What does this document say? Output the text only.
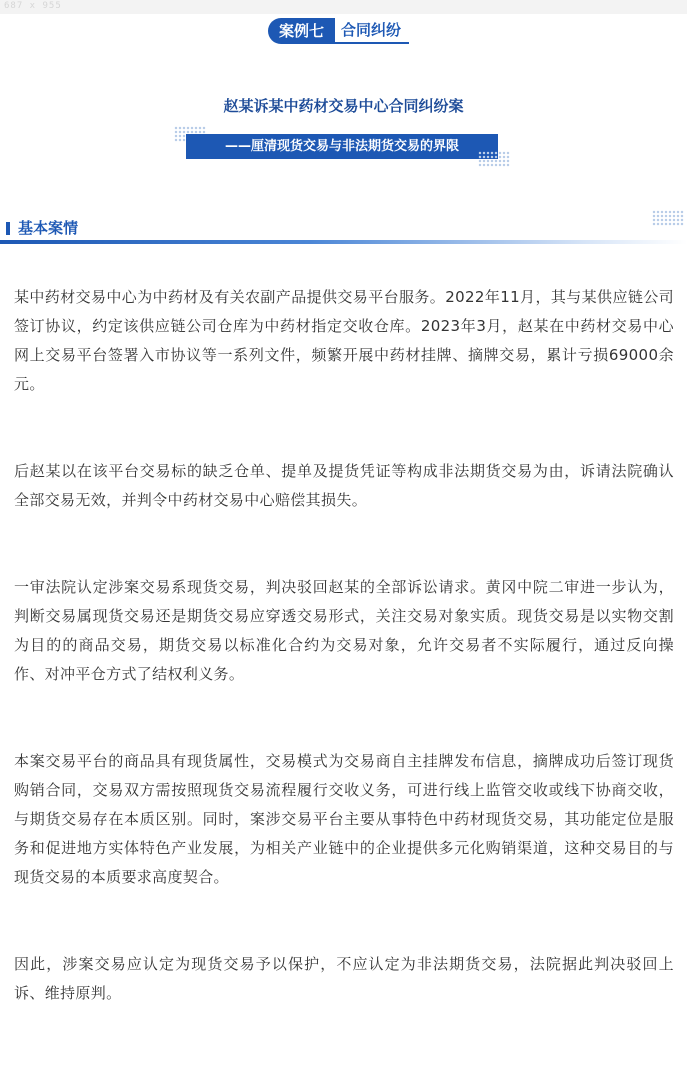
687 x 955
案例七	合同纠纷
赵某诉某中药材交易中心合同纠纷案
——厘清现货交易与非法期货交易的界限
基本案情

某中药材交易中心为中药材及有关农副产品提供交易平台服务。2022年11月，其与某供应链公司签订协议，约定该供应链公司仓库为中药材指定交收仓库。2023年3月，赵某在中药材交易中心网上交易平台签署入市协议等一系列文件，频繁开展中药材挂牌、摘牌交易，累计亏损69000余元。

后赵某以在该平台交易标的缺乏仓单、提单及提货凭证等构成非法期货交易为由，诉请法院确认全部交易无效，并判令中药材交易中心赔偿其损失。

一审法院认定涉案交易系现货交易，判决驳回赵某的全部诉讼请求。黄冈中院二审进一步认为，判断交易属现货交易还是期货交易应穿透交易形式，关注交易对象实质。现货交易是以实物交割为目的的商品交易，期货交易以标准化合约为交易对象，允许交易者不实际履行，通过反向操作、对冲平仓方式了结权利义务。

本案交易平台的商品具有现货属性，交易模式为交易商自主挂牌发布信息，摘牌成功后签订现货购销合同，交易双方需按照现货交易流程履行交收义务，可进行线上监管交收或线下协商交收，与期货交易存在本质区别。同时，案涉交易平台主要从事特色中药材现货交易，其功能定位是服务和促进地方实体特色产业发展，为相关产业链中的企业提供多元化购销渠道，这种交易目的与现货交易的本质要求高度契合。

因此，涉案交易应认定为现货交易予以保护，不应认定为非法期货交易，法院据此判决驳回上诉、维持原判。
